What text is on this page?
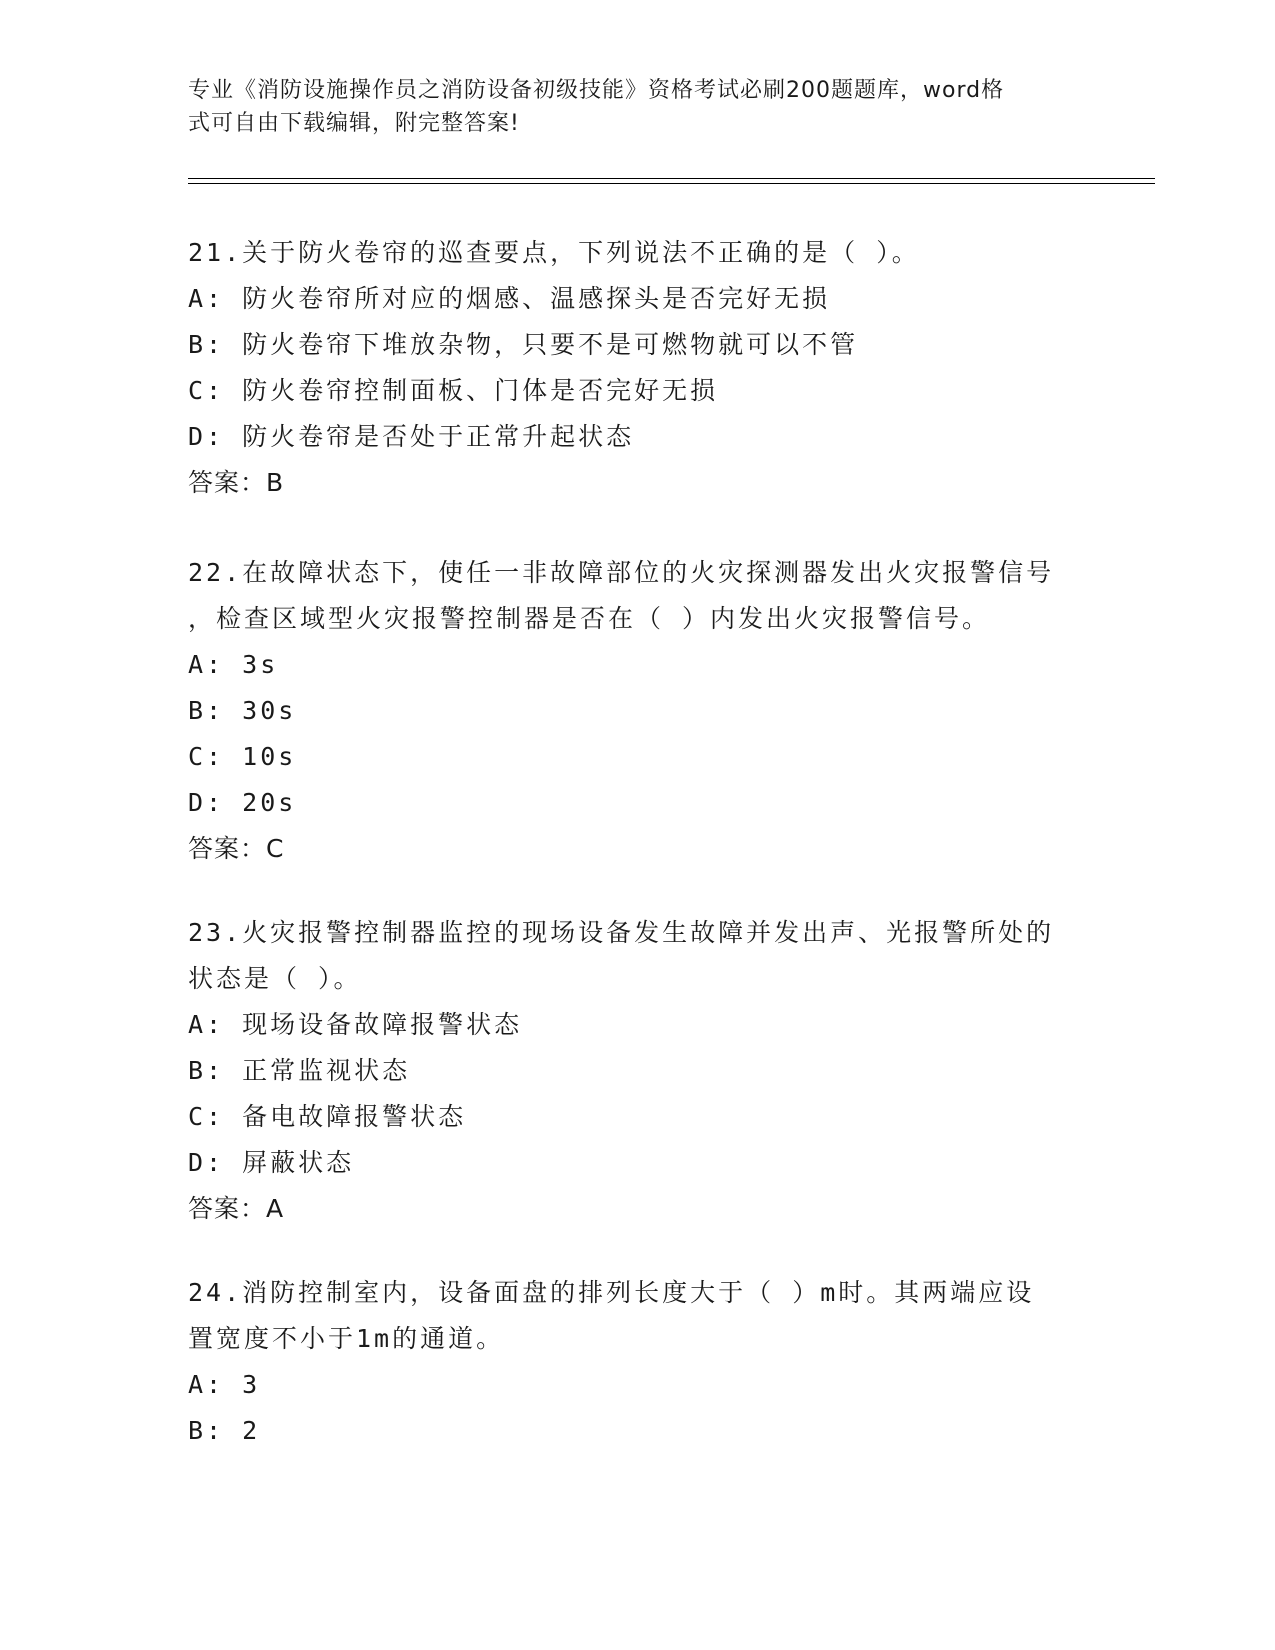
专业《消防设施操作员之消防设备初级技能》资格考试必刷200题题库，word格
式可自由下载编辑，附完整答案!

21.关于防火卷帘的巡查要点，下列说法不正确的是（ ）。

A: 防火卷帘所对应的烟感、温感探头是否完好无损

B: 防火卷帘下堆放杂物，只要不是可燃物就可以不管

C: 防火卷帘控制面板、门体是否完好无损

D: 防火卷帘是否处于正常升起状态

答案：B

22.在故障状态下，使任一非故障部位的火灾探测器发出火灾报警信号

，检查区域型火灾报警控制器是否在（ ）内发出火灾报警信号。

A: 3s

B: 30s

C: 10s

D: 20s

答案：C

23.火灾报警控制器监控的现场设备发生故障并发出声、光报警所处的

状态是（ ）。

A: 现场设备故障报警状态

B: 正常监视状态

C: 备电故障报警状态

D: 屏蔽状态

答案：A

24.消防控制室内，设备面盘的排列长度大于（ ）m时。其两端应设

置宽度不小于1m的通道。

A: 3

B: 2
